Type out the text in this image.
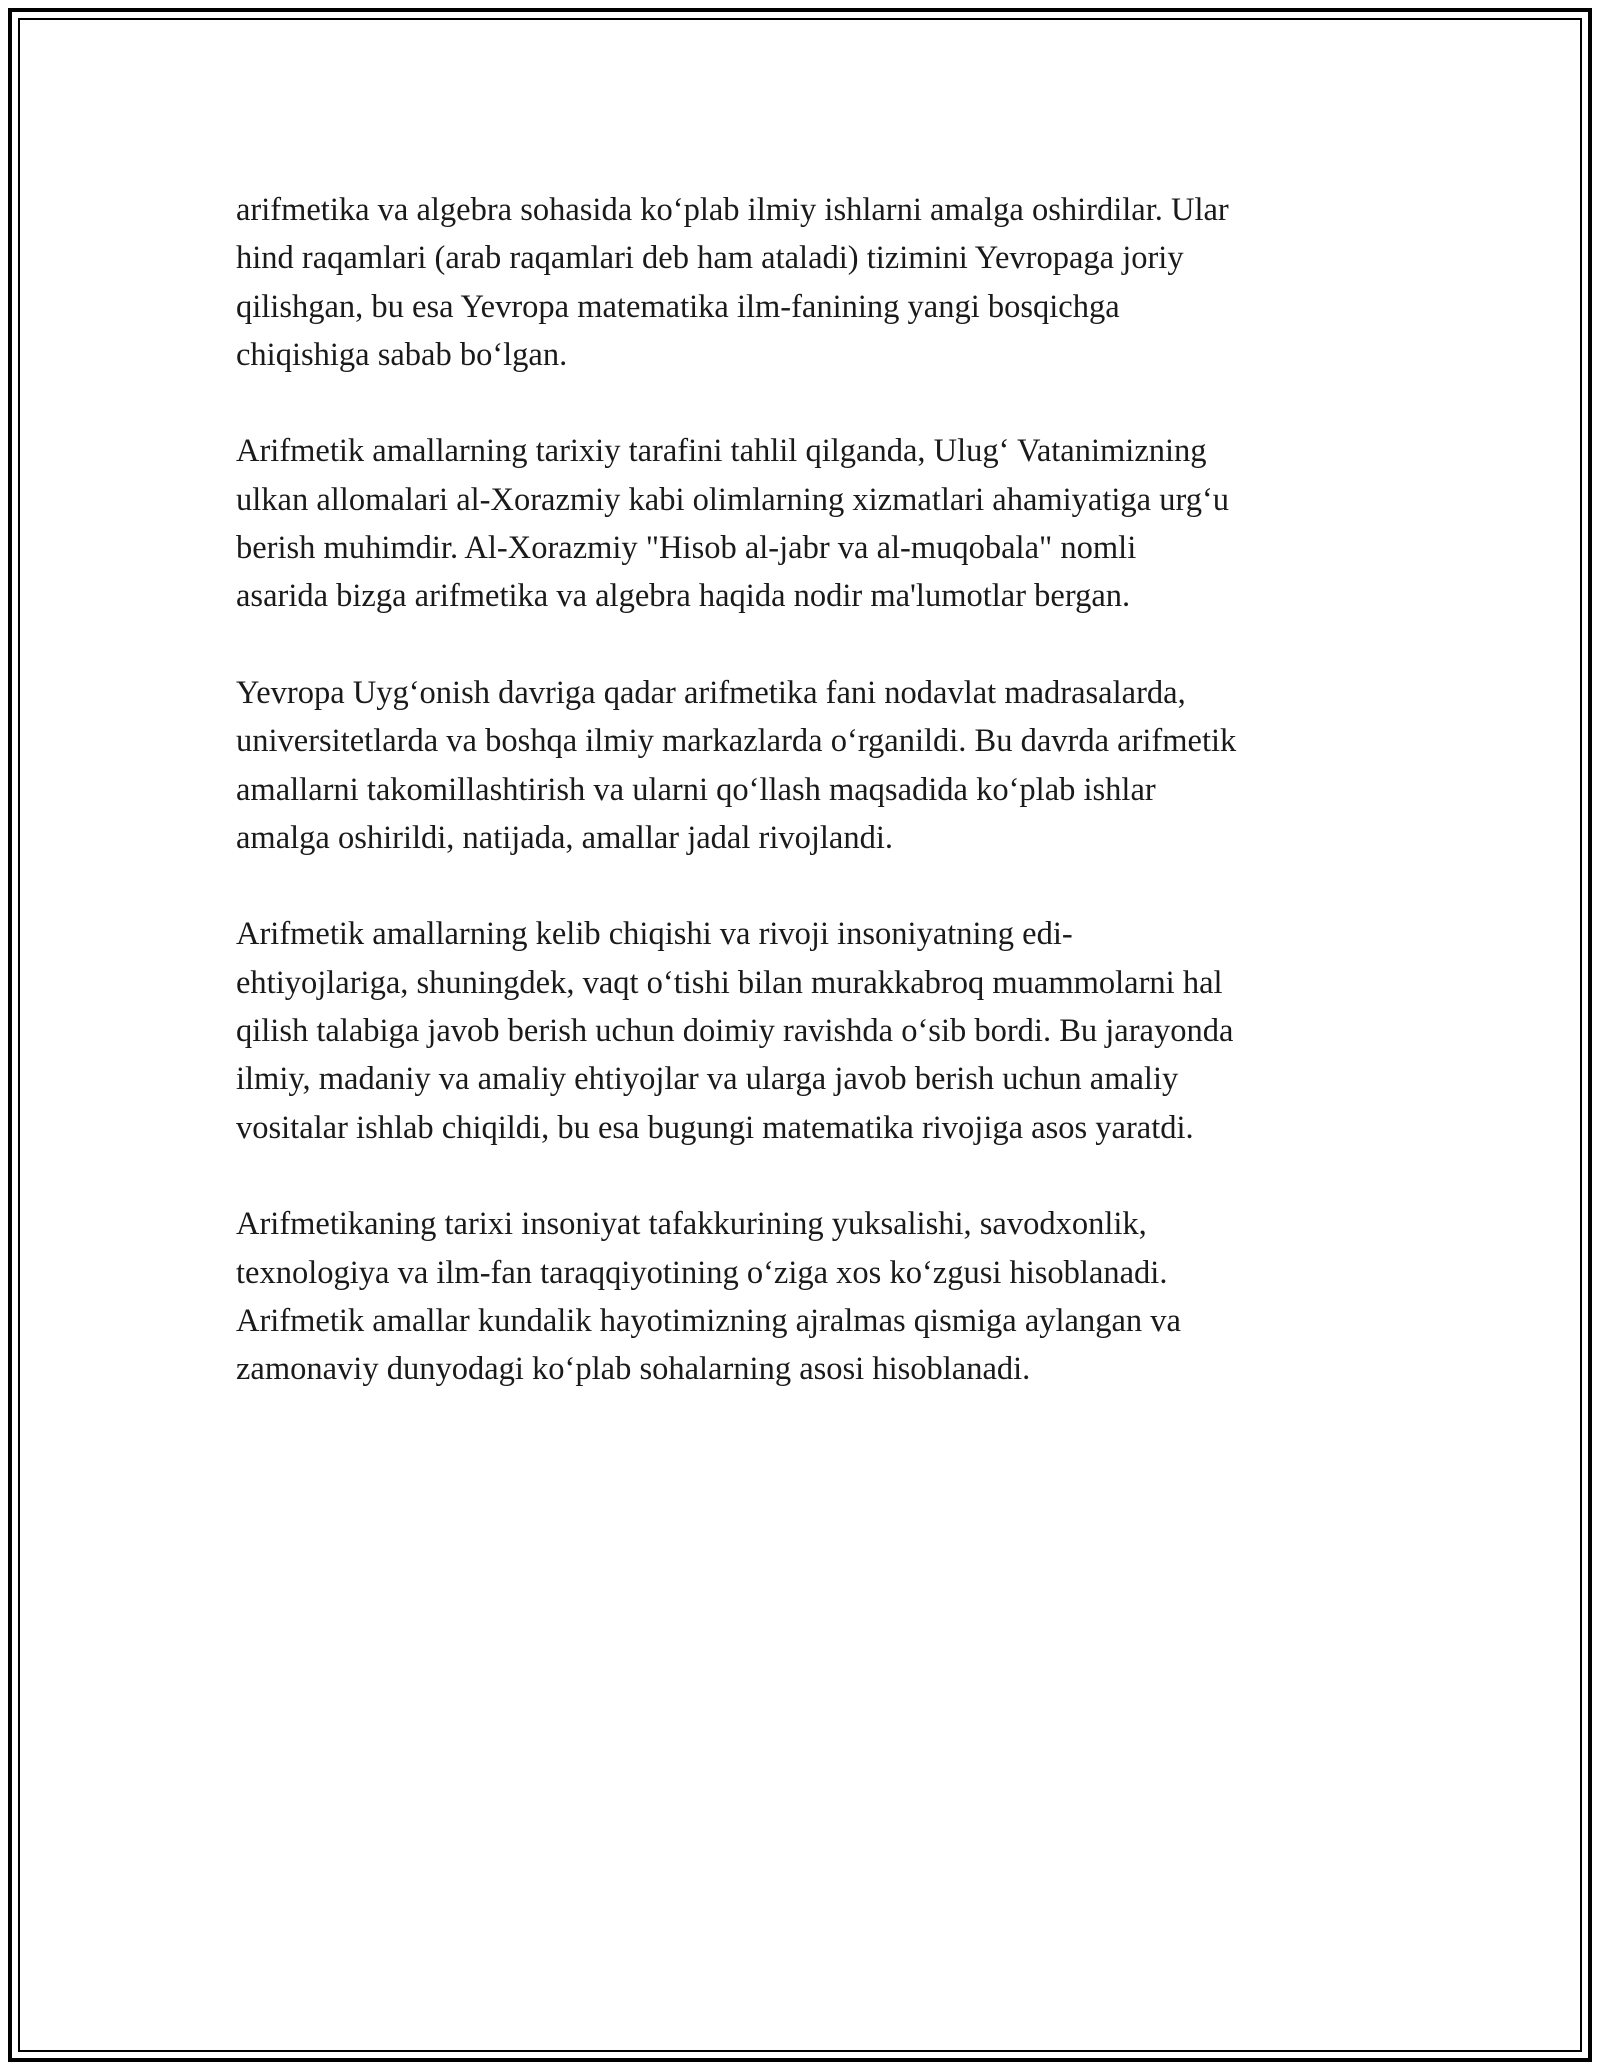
arifmetika va algebra sohasida ko‘plab ilmiy ishlarni amalga oshirdilar. Ular
hind raqamlari (arab raqamlari deb ham ataladi) tizimini Yevropaga joriy
qilishgan, bu esa Yevropa matematika ilm-fanining yangi bosqichga
chiqishiga sabab bo‘lgan.

Arifmetik amallarning tarixiy tarafini tahlil qilganda, Ulug‘ Vatanimizning
ulkan allomalari al-Xorazmiy kabi olimlarning xizmatlari ahamiyatiga urg‘u
berish muhimdir. Al-Xorazmiy "Hisob al-jabr va al-muqobala" nomli
asarida bizga arifmetika va algebra haqida nodir ma'lumotlar bergan.

Yevropa Uyg‘onish davriga qadar arifmetika fani nodavlat madrasalarda,
universitetlarda va boshqa ilmiy markazlarda o‘rganildi. Bu davrda arifmetik
amallarni takomillashtirish va ularni qo‘llash maqsadida ko‘plab ishlar
amalga oshirildi, natijada, amallar jadal rivojlandi.

Arifmetik amallarning kelib chiqishi va rivoji insoniyatning edi-
ehtiyojlariga, shuningdek, vaqt o‘tishi bilan murakkabroq muammolarni hal
qilish talabiga javob berish uchun doimiy ravishda o‘sib bordi. Bu jarayonda
ilmiy, madaniy va amaliy ehtiyojlar va ularga javob berish uchun amaliy
vositalar ishlab chiqildi, bu esa bugungi matematika rivojiga asos yaratdi.

Arifmetikaning tarixi insoniyat tafakkurining yuksalishi, savodxonlik,
texnologiya va ilm-fan taraqqiyotining o‘ziga xos ko‘zgusi hisoblanadi.
Arifmetik amallar kundalik hayotimizning ajralmas qismiga aylangan va
zamonaviy dunyodagi ko‘plab sohalarning asosi hisoblanadi.
